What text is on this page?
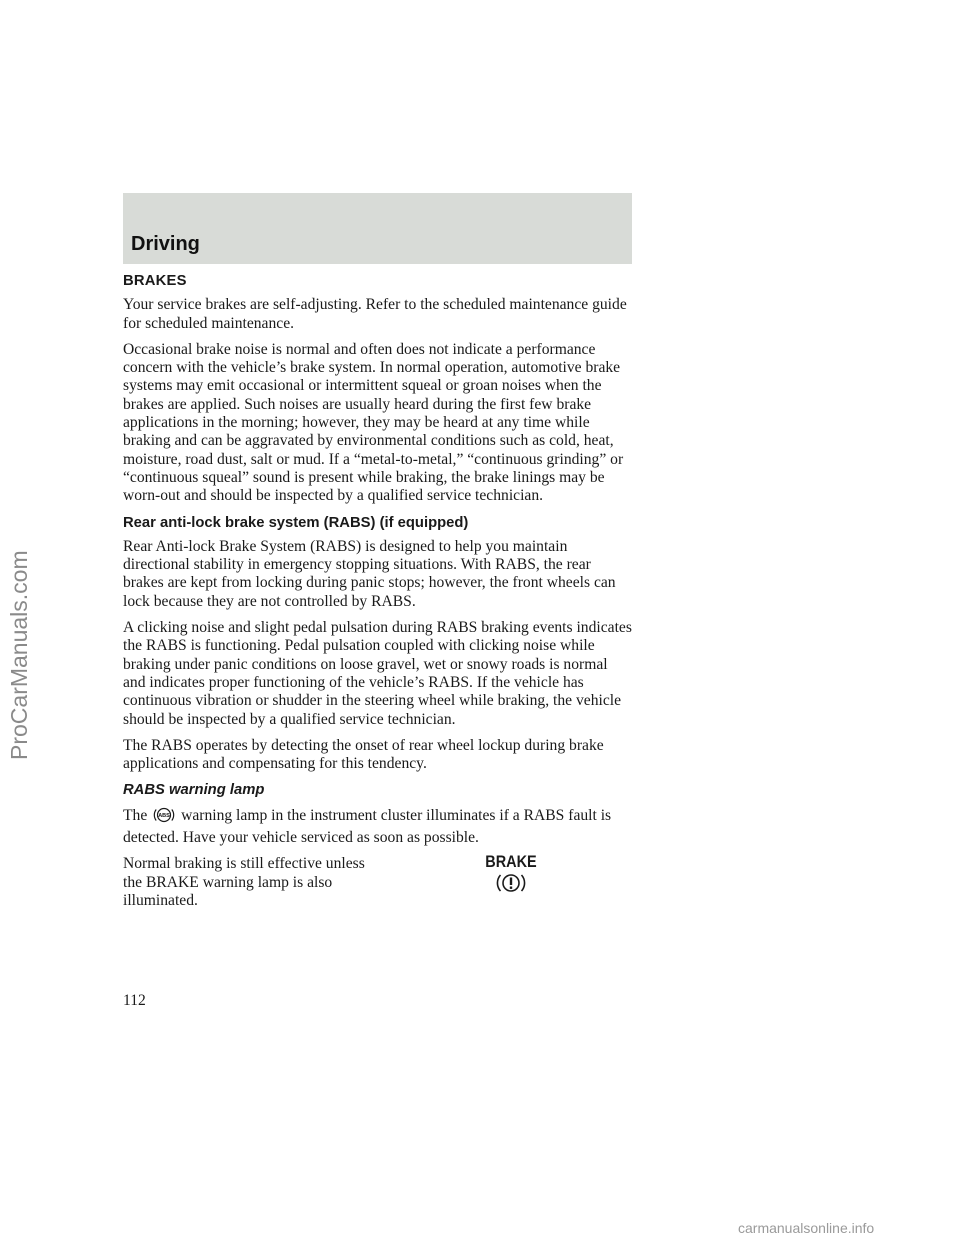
Driving
BRAKES

Your service brakes are self-adjusting. Refer to the scheduled maintenance guide for scheduled maintenance.

Occasional brake noise is normal and often does not indicate a performance concern with the vehicle’s brake system. In normal operation, automotive brake systems may emit occasional or intermittent squeal or groan noises when the brakes are applied. Such noises are usually heard during the first few brake applications in the morning; however, they may be heard at any time while braking and can be aggravated by environmental conditions such as cold, heat, moisture, road dust, salt or mud. If a “metal-to-metal,” “continuous grinding” or “continuous squeal” sound is present while braking, the brake linings may be worn-out and should be inspected by a qualified service technician.

Rear anti-lock brake system (RABS) (if equipped)

Rear Anti-lock Brake System (RABS) is designed to help you maintain directional stability in emergency stopping situations. With RABS, the rear brakes are kept from locking during panic stops; however, the front wheels can lock because they are not controlled by RABS.

A clicking noise and slight pedal pulsation during RABS braking events indicates the RABS is functioning. Pedal pulsation coupled with clicking noise while braking under panic conditions on loose gravel, wet or snowy roads is normal and indicates proper functioning of the vehicle’s RABS. If the vehicle has continuous vibration or shudder in the steering wheel while braking, the vehicle should be inspected by a qualified service technician.

The RABS operates by detecting the onset of rear wheel lockup during brake applications and compensating for this tendency.

RABS warning lamp

The ABS warning lamp in the instrument cluster illuminates if a RABS fault is detected. Have your vehicle serviced as soon as possible.

Normal braking is still effective unless the BRAKE warning lamp is also illuminated.

BRAKE
112
ProCarManuals.com
carmanualsonline.info
